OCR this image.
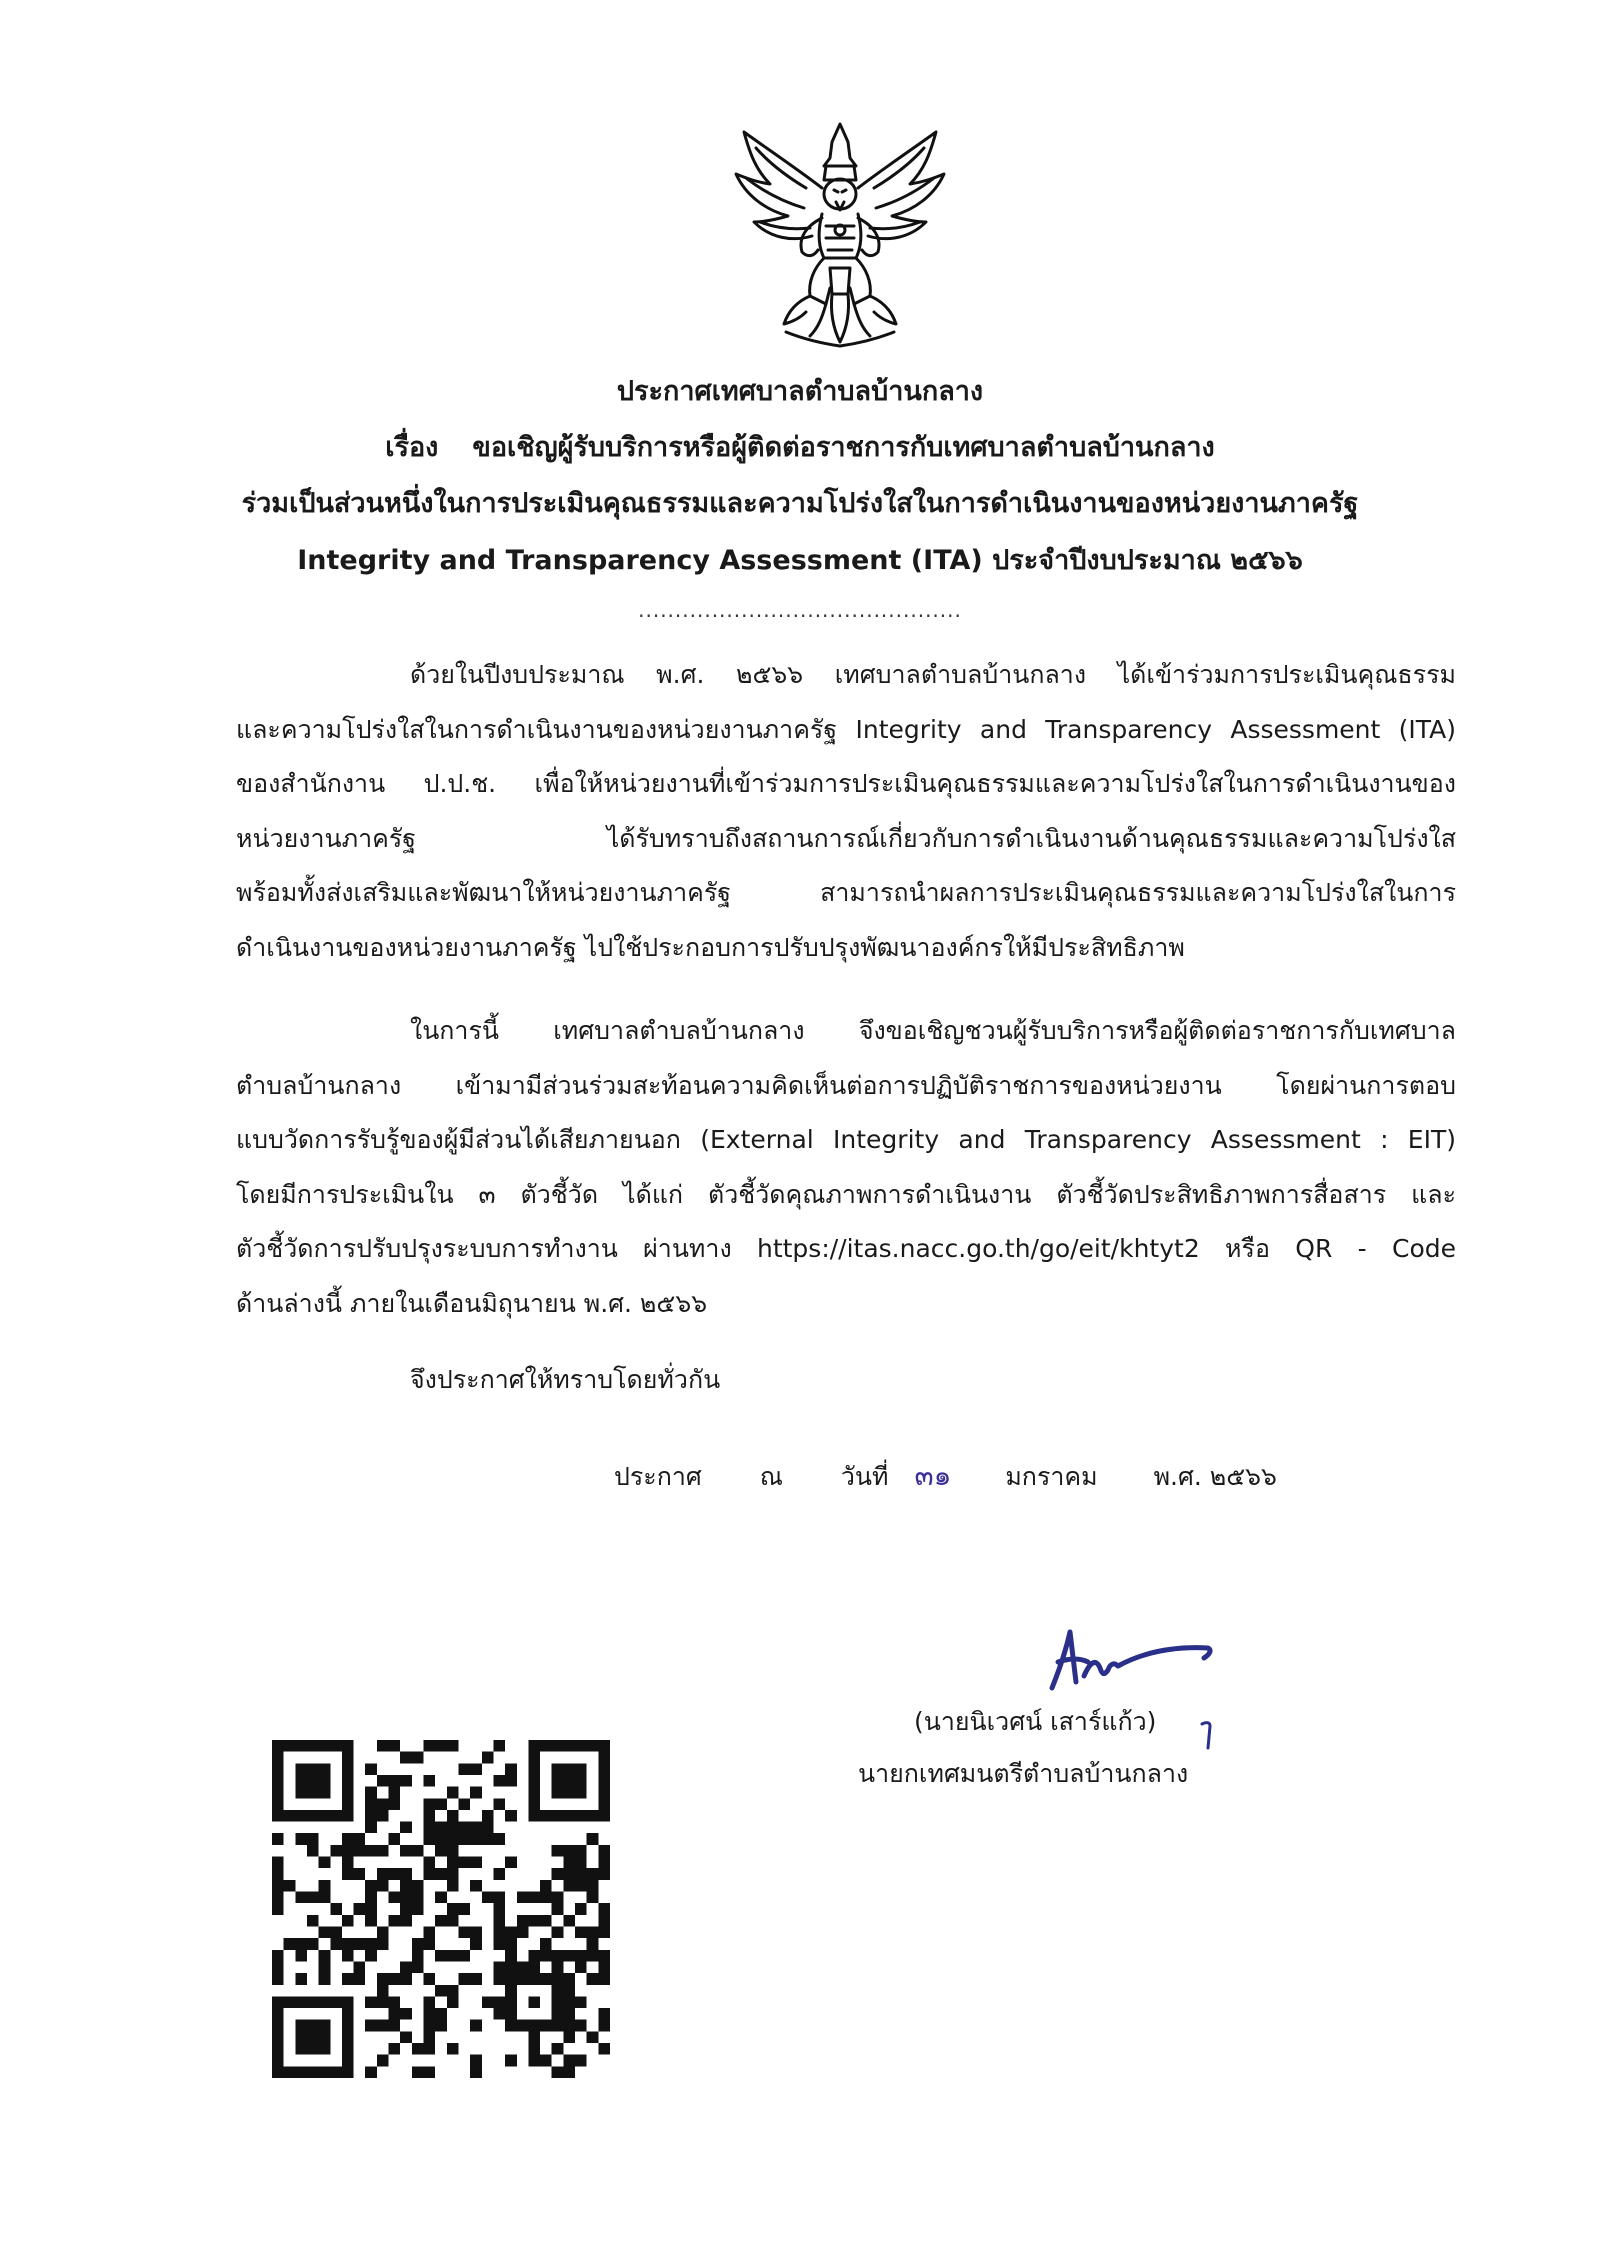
ประกาศเทศบาลตำบลบ้านกลาง
เรื่อง ขอเชิญผู้รับบริการหรือผู้ติดต่อราชการกับเทศบาลตำบลบ้านกลาง
ร่วมเป็นส่วนหนึ่งในการประเมินคุณธรรมและความโปร่งใสในการดำเนินงานของหน่วยงานภาครัฐ
Integrity and Transparency Assessment (ITA) ประจำปีงบประมาณ ๒๕๖๖
............................................
ด้วยในปีงบประมาณ พ.ศ. ๒๕๖๖ เทศบาลตำบลบ้านกลาง ได้เข้าร่วมการประเมินคุณธรรม
และความโปร่งใสในการดำเนินงานของหน่วยงานภาครัฐ Integrity and Transparency Assessment (ITA)
ของสำนักงาน ป.ป.ช. เพื่อให้หน่วยงานที่เข้าร่วมการประเมินคุณธรรมและความโปร่งใสในการดำเนินงานของ
หน่วยงานภาครัฐ ได้รับทราบถึงสถานการณ์เกี่ยวกับการดำเนินงานด้านคุณธรรมและความโปร่งใส
พร้อมทั้งส่งเสริมและพัฒนาให้หน่วยงานภาครัฐ สามารถนำผลการประเมินคุณธรรมและความโปร่งใสในการ
ดำเนินงานของหน่วยงานภาครัฐ ไปใช้ประกอบการปรับปรุงพัฒนาองค์กรให้มีประสิทธิภาพ
ในการนี้ เทศบาลตำบลบ้านกลาง จึงขอเชิญชวนผู้รับบริการหรือผู้ติดต่อราชการกับเทศบาล
ตำบลบ้านกลาง เข้ามามีส่วนร่วมสะท้อนความคิดเห็นต่อการปฏิบัติราชการของหน่วยงาน โดยผ่านการตอบ
แบบวัดการรับรู้ของผู้มีส่วนได้เสียภายนอก (External Integrity and Transparency Assessment : EIT)
โดยมีการประเมินใน ๓ ตัวชี้วัด ได้แก่ ตัวชี้วัดคุณภาพการดำเนินงาน ตัวชี้วัดประสิทธิภาพการสื่อสาร และ
ตัวชี้วัดการปรับปรุงระบบการทำงาน ผ่านทาง https://itas.nacc.go.th/go/eit/khtyt2 หรือ QR - Code
ด้านล่างนี้ ภายในเดือนมิถุนายน พ.ศ. ๒๕๖๖
จึงประกาศให้ทราบโดยทั่วกัน
ประกาศ ณ วันที่ ๓๑ มกราคม พ.ศ. ๒๕๖๖
(นายนิเวศน์ เสาร์แก้ว)
นายกเทศมนตรีตำบลบ้านกลาง
